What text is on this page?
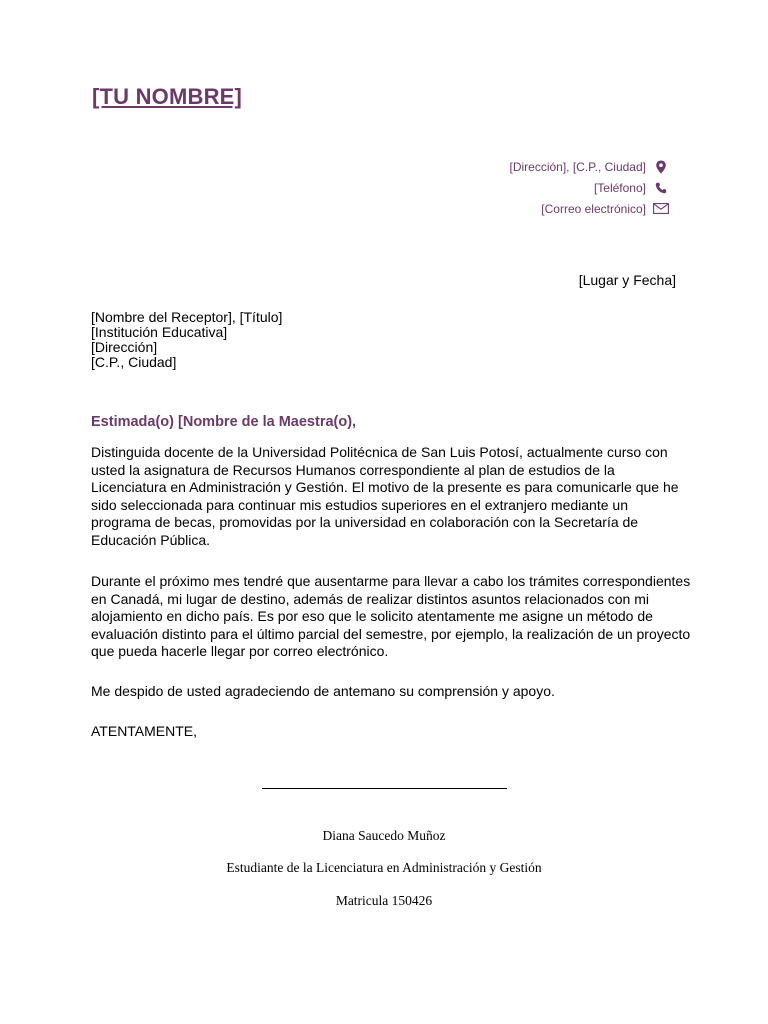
[TU NOMBRE]
[Dirección], [C.P., Ciudad]
[Teléfono]
[Correo electrónico]
[Lugar y Fecha]
[Nombre del Receptor], [Título]
[Institución Educativa]
[Dirección]
[C.P., Ciudad]
Estimada(o) [Nombre de la Maestra(o),
Distinguida docente de la Universidad Politécnica de San Luis Potosí, actualmente curso con usted la asignatura de Recursos Humanos correspondiente al plan de estudios de la Licenciatura en Administración y Gestión. El motivo de la presente es para comunicarle que he sido seleccionada para continuar mis estudios superiores en el extranjero mediante un programa de becas, promovidas por la universidad en colaboración con la Secretaría de Educación Pública.
Durante el próximo mes tendré que ausentarme para llevar a cabo los trámites correspondientes en Canadá, mi lugar de destino, además de realizar distintos asuntos relacionados con mi alojamiento en dicho país. Es por eso que le solicito atentamente me asigne un método de evaluación distinto para el último parcial del semestre, por ejemplo, la realización de un proyecto que pueda hacerle llegar por correo electrónico.
Me despido de usted agradeciendo de antemano su comprensión y apoyo.
ATENTAMENTE,
Diana Saucedo Muñoz
Estudiante de la Licenciatura en Administración y Gestión
Matricula 150426
